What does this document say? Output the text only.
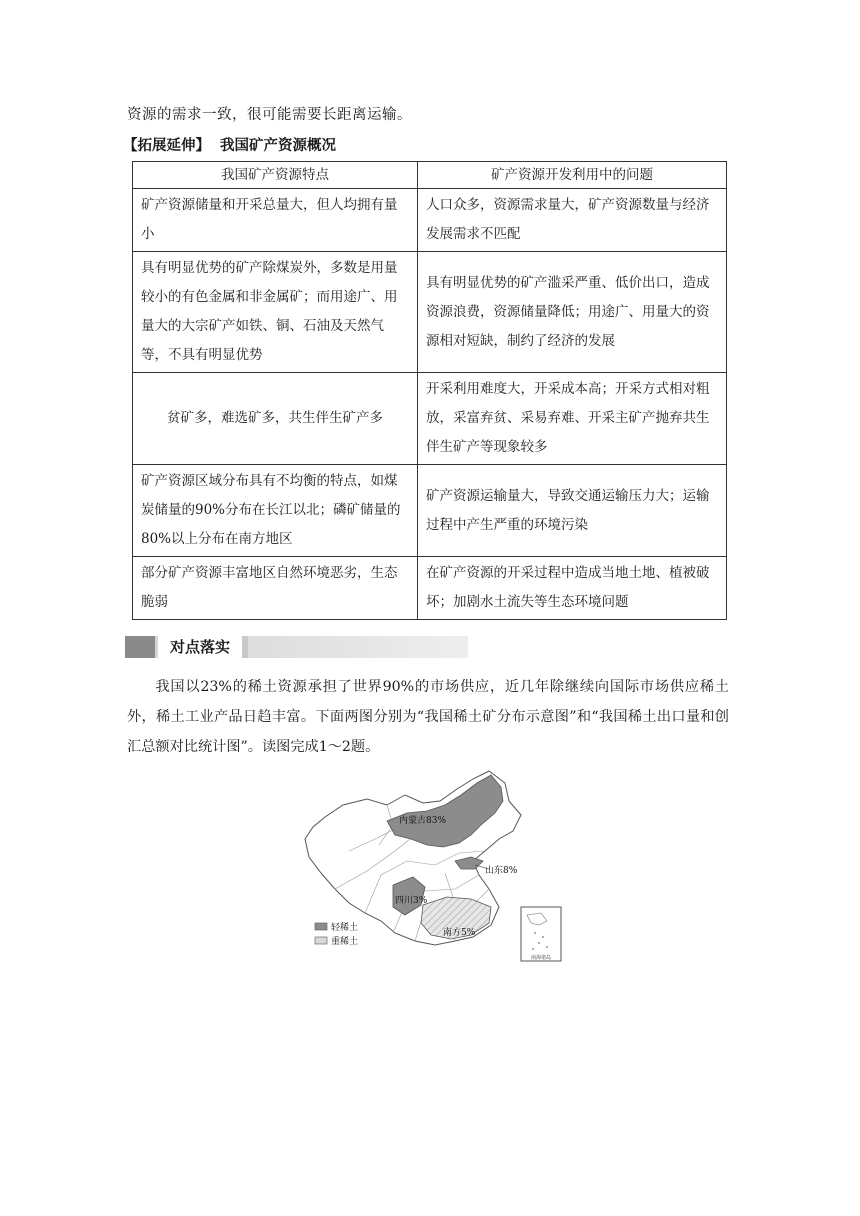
资源的需求一致，很可能需要长距离运输。
【拓展延伸】 我国矿产资源概况
我国矿产资源特点	矿产资源开发利用中的问题
矿产资源储量和开采总量大，但人均拥有量小	人口众多，资源需求量大，矿产资源数量与经济发展需求不匹配
具有明显优势的矿产除煤炭外，多数是用量较小的有色金属和非金属矿；而用途广、用量大的大宗矿产如铁、铜、石油及天然气等，不具有明显优势	具有明显优势的矿产滥采严重、低价出口，造成资源浪费，资源储量降低；用途广、用量大的资源相对短缺，制约了经济的发展
贫矿多，难选矿多，共生伴生矿产多	开采利用难度大，开采成本高；开采方式相对粗放，采富弃贫、采易弃难、开采主矿产抛弃共生伴生矿产等现象较多
矿产资源区域分布具有不均衡的特点，如煤炭储量的90%分布在长江以北；磷矿储量的80%以上分布在南方地区	矿产资源运输量大，导致交通运输压力大；运输过程中产生严重的环境污染
部分矿产资源丰富地区自然环境恶劣，生态脆弱	在矿产资源的开采过程中造成当地土地、植被破坏；加剧水土流失等生态环境问题
对点落实
我国以23%的稀土资源承担了世界90%的市场供应，近几年除继续向国际市场供应稀土外，稀土工业产品日趋丰富。下面两图分别为“我国稀土矿分布示意图”和“我国稀土出口量和创汇总额对比统计图”。读图完成1～2题。
内蒙古83%
山东8%
四川3%
南方5%
轻稀土
重稀土
南海诸岛
